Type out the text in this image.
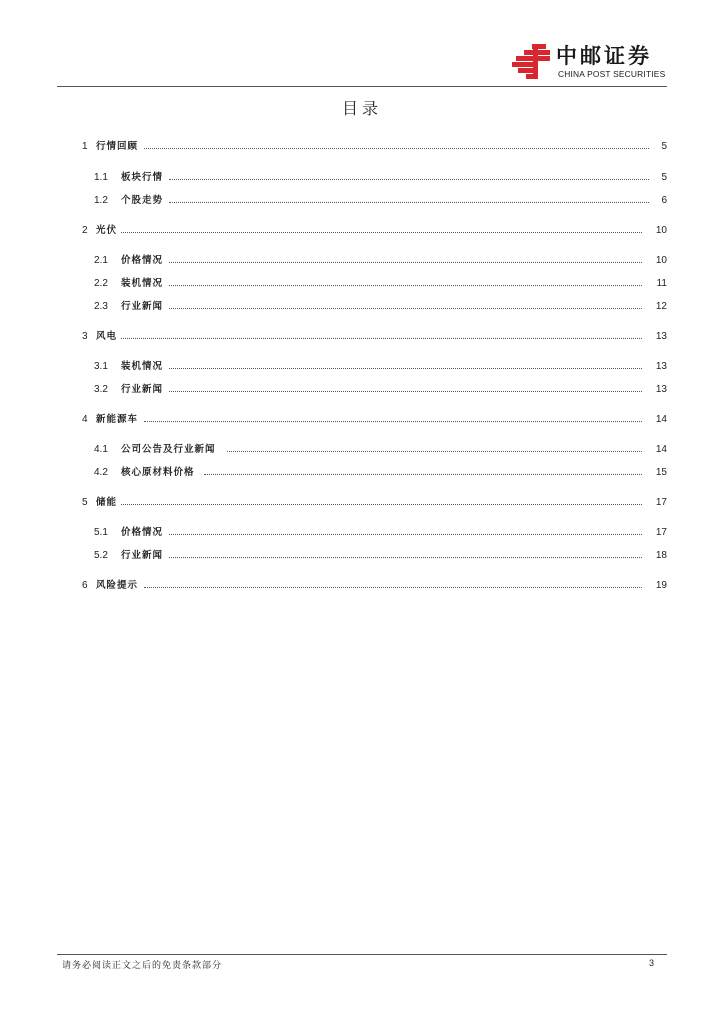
中邮证券
CHINA POST SECURITIES
目录
1 行情回顾	5
1.1 板块行情	5
1.2 个股走势	6
2 光伏	10
2.1 价格情况	10
2.2 装机情况	11
2.3 行业新闻	12
3 风电	13
3.1 装机情况	13
3.2 行业新闻	13
4 新能源车	14
4.1 公司公告及行业新闻	14
4.2 核心原材料价格	15
5 储能	17
5.1 价格情况	17
5.2 行业新闻	18
6 风险提示	19
请务必阅读正文之后的免责条款部分	3
